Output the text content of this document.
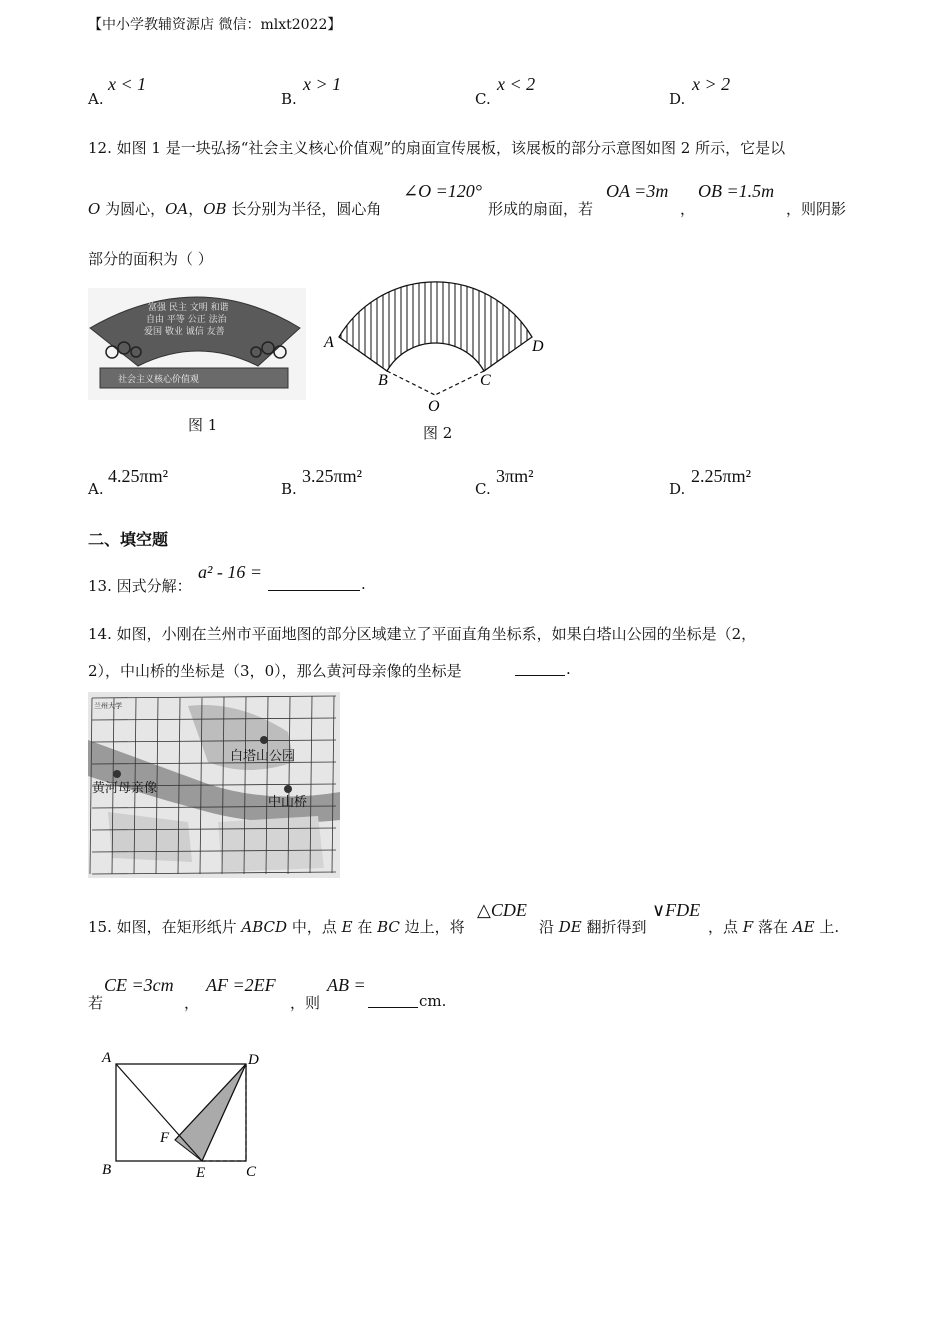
【中小学教辅资源店 微信：mlxt2022】
A.
x < 1
B.
x > 1
C.
x < 2
D.
x > 2
12. 如图 1 是一块弘扬“社会主义核心价值观”的扇面宣传展板，该展板的部分示意图如图 2 所示，它是以
O 为圆心，OA，OB 长分别为半径，圆心角
∠O =120°
形成的扇面，若
OA =3m
，
OB =1.5m
，则阴影
部分的面积为（ ）
富强 民主 文明 和谐
自由 平等 公正 法治
爱国 敬业 诚信 友善
社会主义核心价值观
图 1
A
B	C
D
O
图 2
A.
4.25πm²
B.
3.25πm²
C.
3πm²
D.
2.25πm²
二、填空题
13. 因式分解：
a² - 16 =
.
14. 如图，小刚在兰州市平面地图的部分区域建立了平面直角坐标系，如果白塔山公园的坐标是（2，
2），中山桥的坐标是（3，0），那么黄河母亲像的坐标是	.
白塔山公园
黄河母亲像
中山桥
兰州大学
15. 如图，在矩形纸片 ABCD 中，点 E 在 BC 边上，将
△CDE
沿 DE 翻折得到
∨FDE
，点 F 落在 AE 上.
若
CE =3cm
，
AF =2EF
，则
AB =
cm.
A	D
B	E	C
F
